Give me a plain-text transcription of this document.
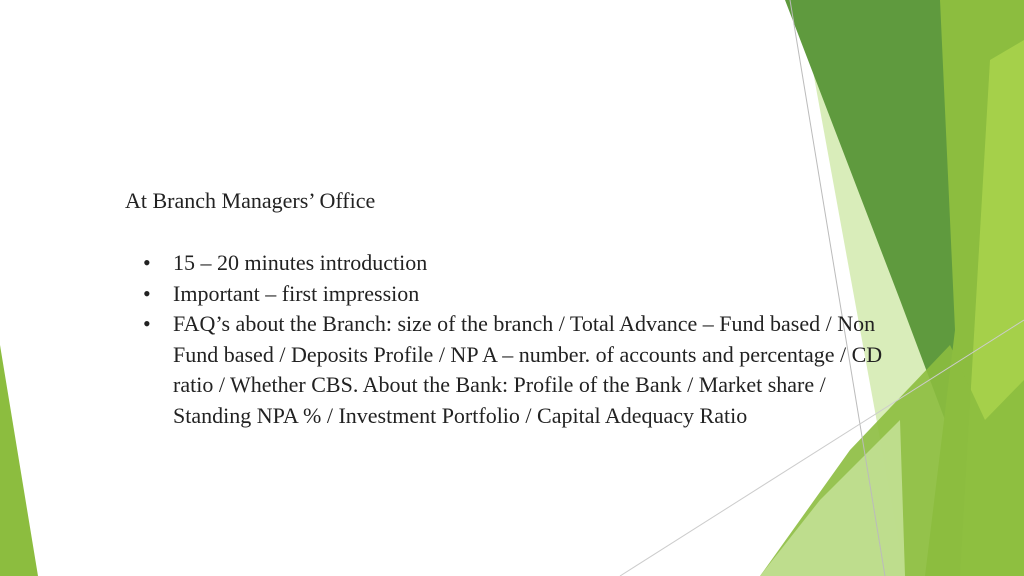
At Branch Managers’ Office
• 15 – 20 minutes introduction
• Important – first impression
• FAQ’s about the Branch: size of the branch / Total Advance – Fund based / Non Fund based / Deposits Profile / NP A – number. of accounts and percentage / CD ratio / Whether CBS. About the Bank: Profile of the Bank / Market share / Standing NPA % / Investment Portfolio / Capital Adequacy Ratio
